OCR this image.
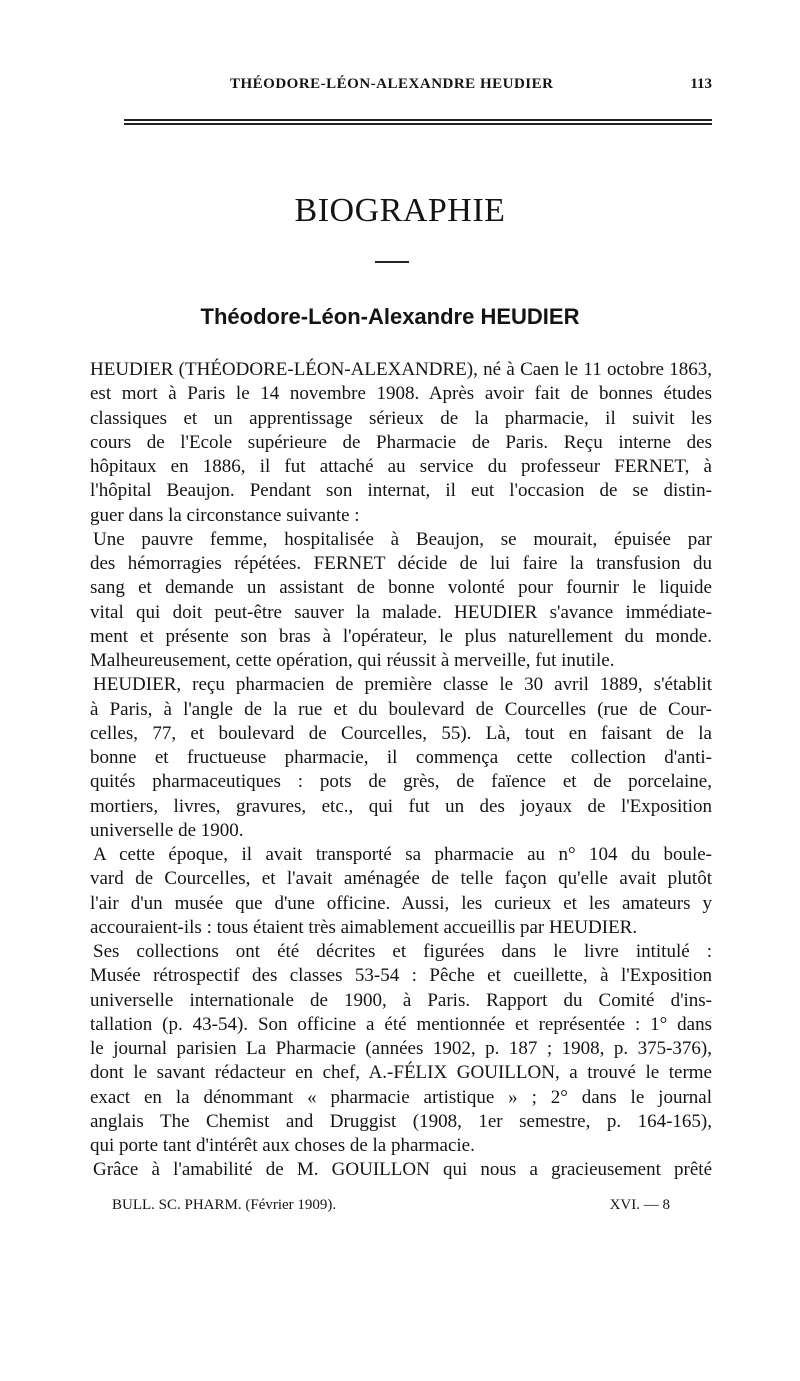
THÉODORE-LÉON-ALEXANDRE HEUDIER	113
BIOGRAPHIE
Théodore-Léon-Alexandre HEUDIER
HEUDIER (THÉODORE-LÉON-ALEXANDRE), né à Caen le 11 octobre 1863,
est mort à Paris le 14 novembre 1908. Après avoir fait de bonnes études
classiques et un apprentissage sérieux de la pharmacie, il suivit les
cours de l'Ecole supérieure de Pharmacie de Paris. Reçu interne des
hôpitaux en 1886, il fut attaché au service du professeur FERNET, à
l'hôpital Beaujon. Pendant son internat, il eut l'occasion de se distin-
guer dans la circonstance suivante :
Une pauvre femme, hospitalisée à Beaujon, se mourait, épuisée par
des hémorragies répétées. FERNET décide de lui faire la transfusion du
sang et demande un assistant de bonne volonté pour fournir le liquide
vital qui doit peut-être sauver la malade. HEUDIER s'avance immédiate-
ment et présente son bras à l'opérateur, le plus naturellement du monde.
Malheureusement, cette opération, qui réussit à merveille, fut inutile.
HEUDIER, reçu pharmacien de première classe le 30 avril 1889, s'établit
à Paris, à l'angle de la rue et du boulevard de Courcelles (rue de Cour-
celles, 77, et boulevard de Courcelles, 55). Là, tout en faisant de la
bonne et fructueuse pharmacie, il commença cette collection d'anti-
quités pharmaceutiques : pots de grès, de faïence et de porcelaine,
mortiers, livres, gravures, etc., qui fut un des joyaux de l'Exposition
universelle de 1900.
A cette époque, il avait transporté sa pharmacie au n° 104 du boule-
vard de Courcelles, et l'avait aménagée de telle façon qu'elle avait plutôt
l'air d'un musée que d'une officine. Aussi, les curieux et les amateurs y
accouraient-ils : tous étaient très aimablement accueillis par HEUDIER.
Ses collections ont été décrites et figurées dans le livre intitulé :
Musée rétrospectif des classes 53-54 : Pêche et cueillette, à l'Exposition
universelle internationale de 1900, à Paris. Rapport du Comité d'ins-
tallation (p. 43-54). Son officine a été mentionnée et représentée : 1° dans
le journal parisien La Pharmacie (années 1902, p. 187 ; 1908, p. 375-376),
dont le savant rédacteur en chef, A.-FÉLIX GOUILLON, a trouvé le terme
exact en la dénommant « pharmacie artistique » ; 2° dans le journal
anglais The Chemist and Druggist (1908, 1er semestre, p. 164-165),
qui porte tant d'intérêt aux choses de la pharmacie.
Grâce à l'amabilité de M. GOUILLON qui nous a gracieusement prêté
BULL. SC. PHARM. (Février 1909).	XVI. — 8
